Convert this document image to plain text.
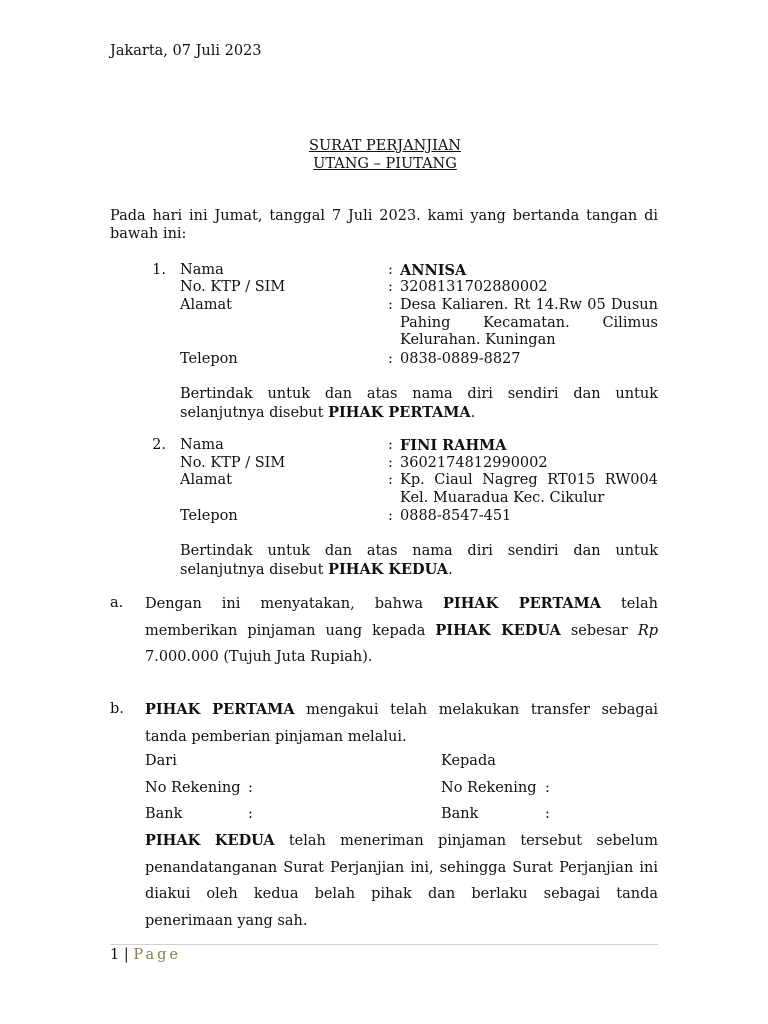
Jakarta, 07 Juli 2023
SURAT PERJANJIAN
UTANG – PIUTANG
Pada hari ini Jumat, tanggal 7 Juli 2023. kami yang bertanda tangan di bawah ini:
1. Nama	: ANNISA
No. KTP / SIM	: 3208131702880002
Alamat	: Desa Kaliaren. Rt 14.Rw 05 Dusun Pahing Kecamatan. Cilimus Kelurahan. Kuningan
Telepon	: 0838-0889-8827
Bertindak untuk dan atas nama diri sendiri dan untuk selanjutnya disebut PIHAK PERTAMA.
2. Nama	: FINI RAHMA
No. KTP / SIM	: 3602174812990002
Alamat	: Kp. Ciaul Nagreg RT015 RW004 Kel. Muaradua Kec. Cikulur
Telepon	: 0888-8547-451
Bertindak untuk dan atas nama diri sendiri dan untuk selanjutnya disebut PIHAK KEDUA.
a. Dengan ini menyatakan, bahwa PIHAK PERTAMA telah memberikan pinjaman uang kepada PIHAK KEDUA sebesar Rp 7.000.000 (Tujuh Juta Rupiah).
b. PIHAK PERTAMA mengakui telah melakukan transfer sebagai tanda pemberian pinjaman melalui.
Dari	Kepada
No Rekening :	No Rekening :
Bank	:	Bank	:
PIHAK KEDUA telah meneriman pinjaman tersebut sebelum penandatanganan Surat Perjanjian ini, sehingga Surat Perjanjian ini diakui oleh kedua belah pihak dan berlaku sebagai tanda penerimaan yang sah.
1 | Page
